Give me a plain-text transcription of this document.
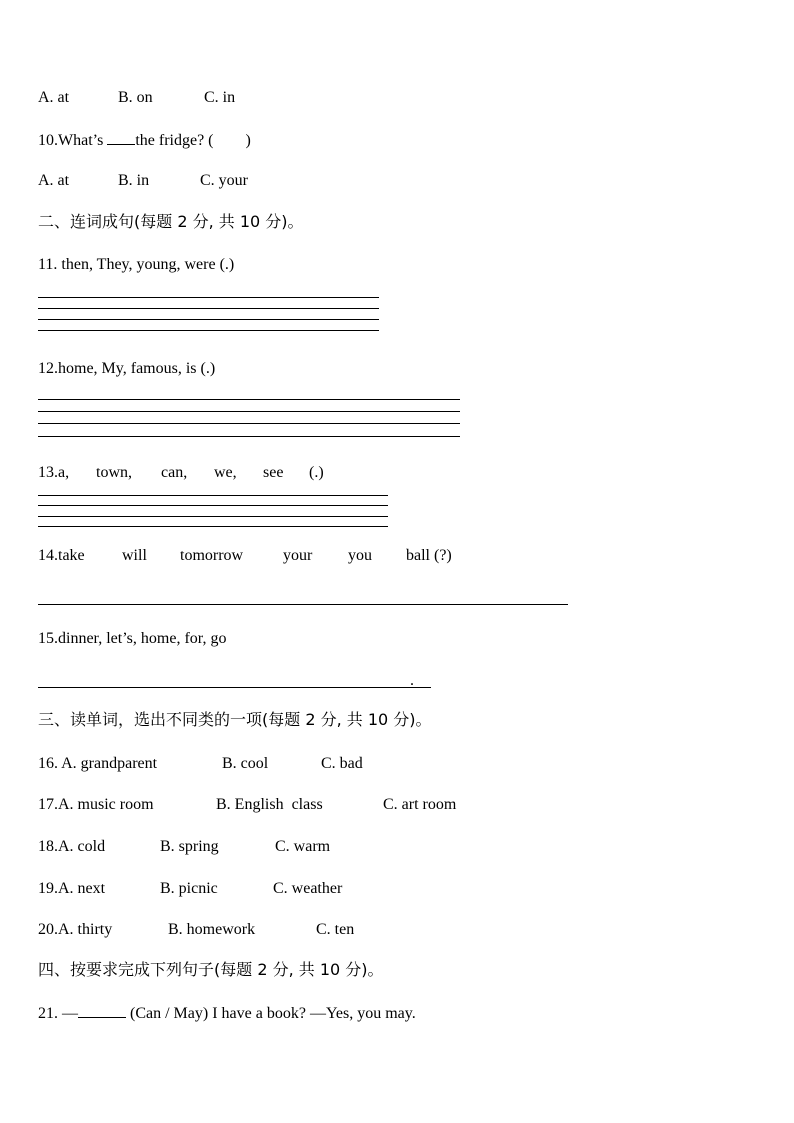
A. at	B. on	C. in
10.What’s the fridge? ( )
A. at	B. in	C. your
二、连词成句(每题 2 分, 共 10 分)。
11. then, They, young, were (.)
12.home, My, famous, is (.)
13.a, town, can, we, see (.)
14.take will tomorrow your you ball (?)
15.dinner, let’s, home, for, go
.
三、读单词，选出不同类的一项(每题 2 分, 共 10 分)。
16. A. grandparent	B. cool	C. bad
17.A. music room	B. English  class	C. art room
18.A. cold	B. spring	C. warm
19.A. next	B. picnic	C. weather
20.A. thirty	B. homework	C. ten
四、按要求完成下列句子(每题 2 分, 共 10 分)。
21. —	(Can / May) I have a book? —Yes, you may.
